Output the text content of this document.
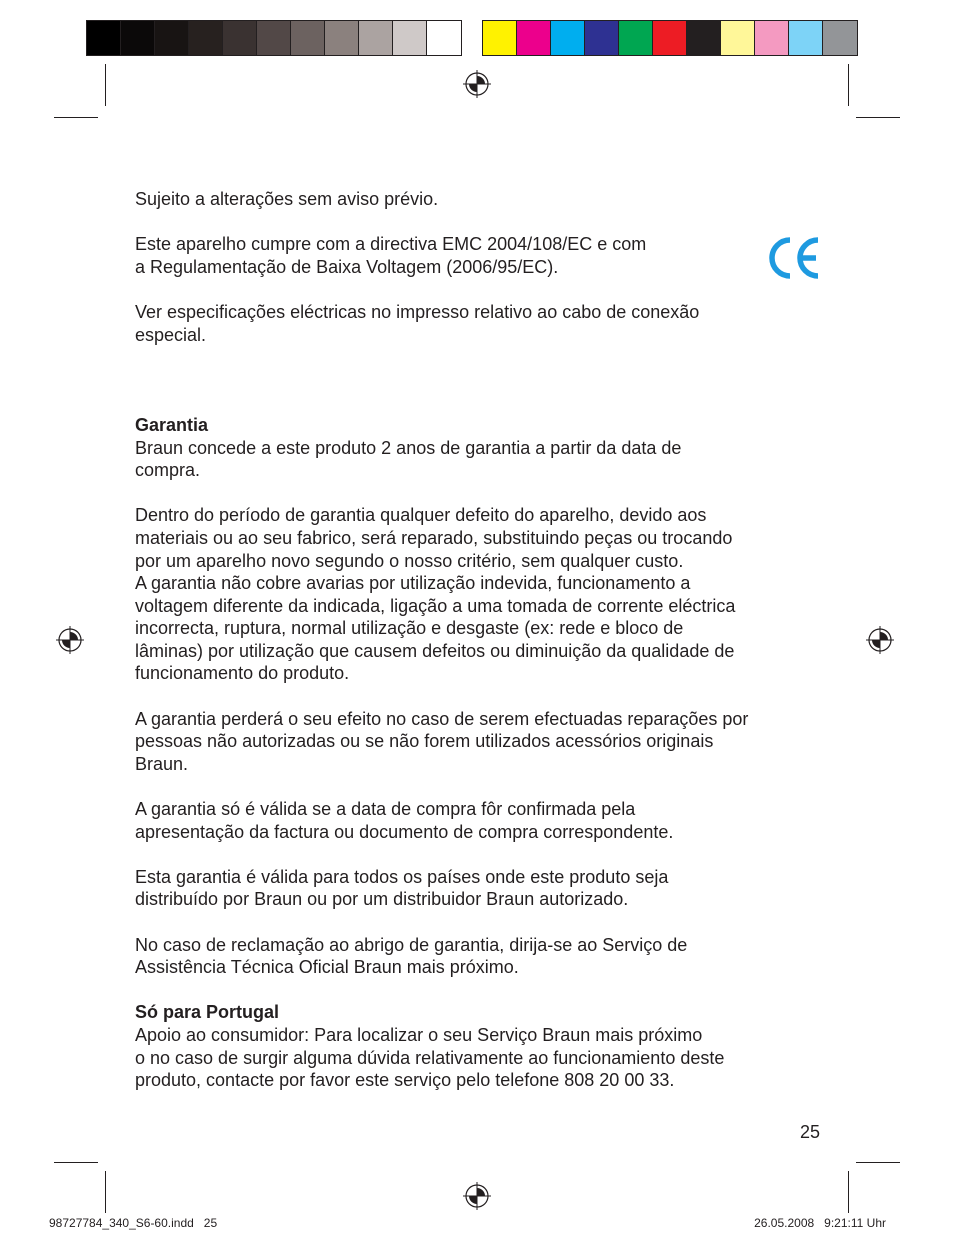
Sujeito a alterações sem aviso prévio.

Este aparelho cumpre com a directiva EMC 2004/108/EC e com
a Regulamentação de Baixa Voltagem (2006/95/EC).

Ver especificações eléctricas no impresso relativo ao cabo de conexão
especial.

Garantia

Braun concede a este produto 2 anos de garantia a partir da data de
compra.

Dentro do período de garantia qualquer defeito do aparelho, devido aos
materiais ou ao seu fabrico, será reparado, substituindo peças ou trocando
por um aparelho novo segundo o nosso critério, sem qualquer custo.
A garantia não cobre avarias por utilização indevida, funcionamento a
voltagem diferente da indicada, ligação a uma tomada de corrente eléctrica
incorrecta, ruptura, normal utilização e desgaste (ex: rede e bloco de
lâminas) por utilização que causem defeitos ou diminuição da qualidade de
funcionamento do produto.

A garantia perderá o seu efeito no caso de serem efectuadas reparações por
pessoas não autorizadas ou se não forem utilizados acessórios originais
Braun.

A garantia só é válida se a data de compra fôr confirmada pela
apresentação da factura ou documento de compra correspondente.

Esta garantia é válida para todos os países onde este produto seja
distribuído por Braun ou por um distribuidor Braun autorizado.

No caso de reclamação ao abrigo de garantia, dirija-se ao Serviço de
Assistência Técnica Oficial Braun mais próximo.

Só para Portugal

Apoio ao consumidor: Para localizar o seu Serviço Braun mais próximo
o no caso de surgir alguma dúvida relativamente ao funcionamiento deste
produto, contacte por favor este serviço pelo telefone 808 20 00 33.

25
98727784_340_S6-60.indd   25	26.05.2008   9:21:11 Uhr
